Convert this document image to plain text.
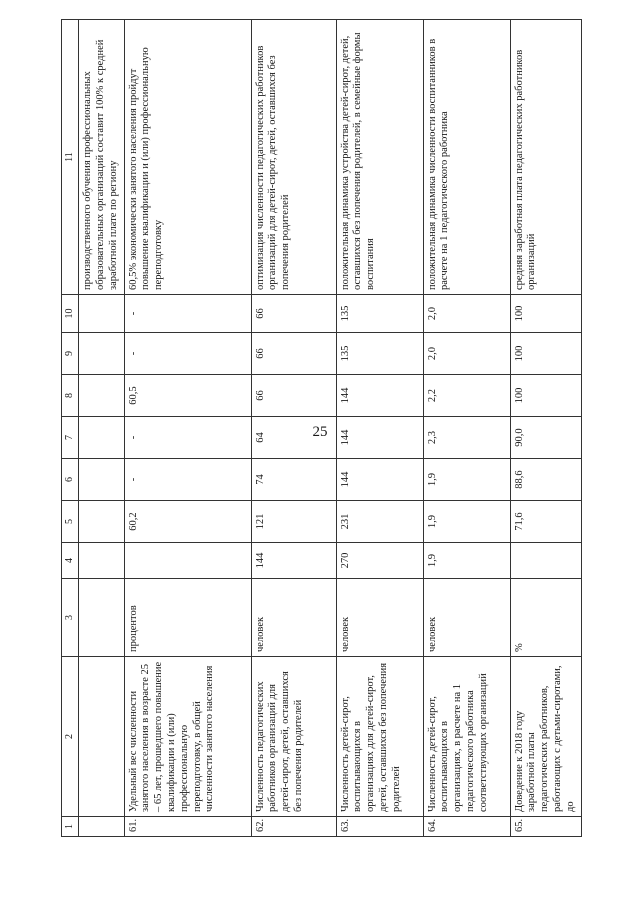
25
1	2	3	4	5	6	7	8	9	10	11
										производственного обучения профессиональных образовательных организаций составит 100% к средней заработной плате по региону
61.	Удельный вес численности занятого населения в возрасте 25 – 65 лет, прошедшего повышение квалификации и (или) профессиональную переподготовку, в общей численности занятого населения	процентов		60,2	-	-	60,5	-	-	60,5% экономически занятого населения пройдут повышение квалификации и (или) профессиональную переподготовку
62.	Численность педагогических работников организаций для детей-сирот, детей, оставшихся без попечения родителей	человек	144	121	74	64	66	66	66	оптимизация численности педагогических работников организаций для детей-сирот, детей, оставшихся без попечения родителей
63.	Численность детей-сирот, воспитывающихся в организациях для детей-сирот, детей, оставшихся без попечения родителей	человек	270	231	144	144	144	135	135	положительная динамика устройства детей-сирот, детей, оставшихся без попечения родителей, в семейные формы воспитания
64.	Численность детей-сирот, воспитывающихся в организациях, в расчете на 1 педагогического работника соответствующих организаций	человек	1,9	1,9	1,9	2,3	2,2	2,0	2,0	положительная динамика численности воспитанников в расчете на 1 педагогического работника
65.	Доведение к 2018 году заработной платы педагогических работников, работающих с детьми-сиротами, до	%		71,6	88,6	90,0	100	100	100	средняя заработная плата педагогических работников организаций
